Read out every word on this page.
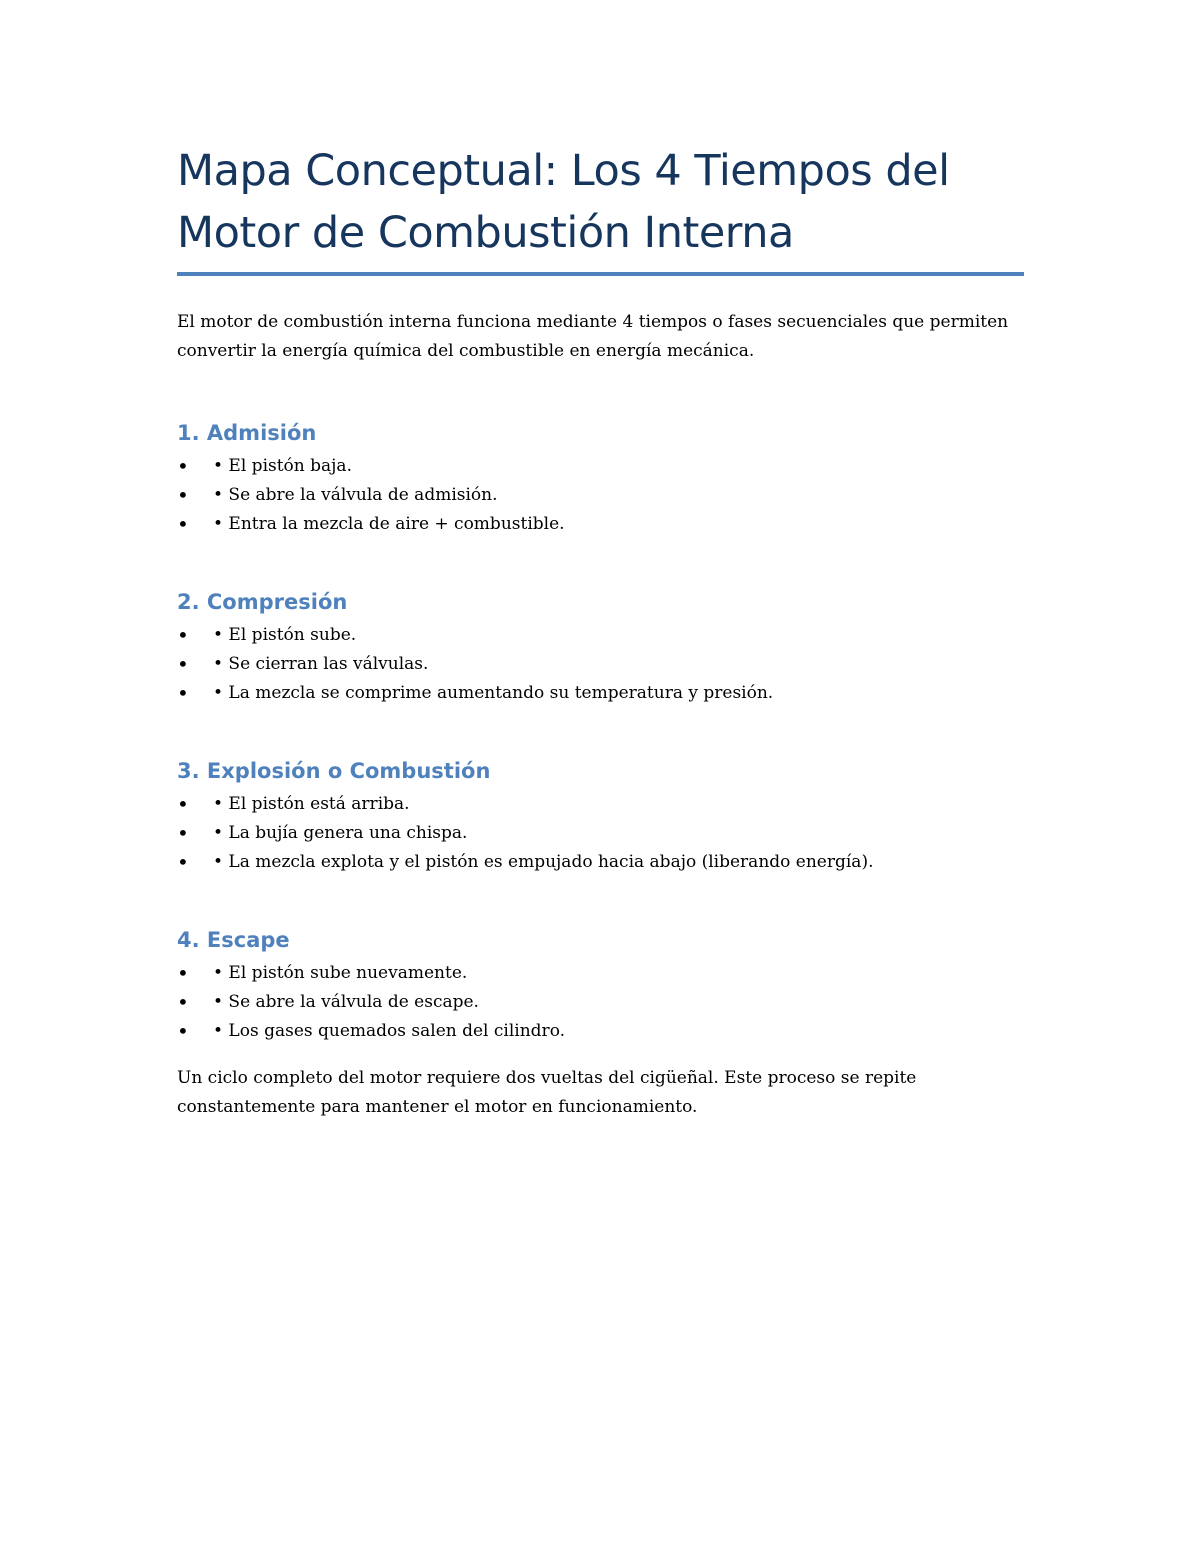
Mapa Conceptual: Los 4 Tiempos del Motor de Combustión Interna

El motor de combustión interna funciona mediante 4 tiempos o fases secuenciales que permiten convertir la energía química del combustible en energía mecánica.

1. Admisión
• • El pistón baja.
• • Se abre la válvula de admisión.
• • Entra la mezcla de aire + combustible.
2. Compresión
• • El pistón sube.
• • Se cierran las válvulas.
• • La mezcla se comprime aumentando su temperatura y presión.
3. Explosión o Combustión
• • El pistón está arriba.
• • La bujía genera una chispa.
• • La mezcla explota y el pistón es empujado hacia abajo (liberando energía).
4. Escape
• • El pistón sube nuevamente.
• • Se abre la válvula de escape.
• • Los gases quemados salen del cilindro.

Un ciclo completo del motor requiere dos vueltas del cigüeñal. Este proceso se repite constantemente para mantener el motor en funcionamiento.
